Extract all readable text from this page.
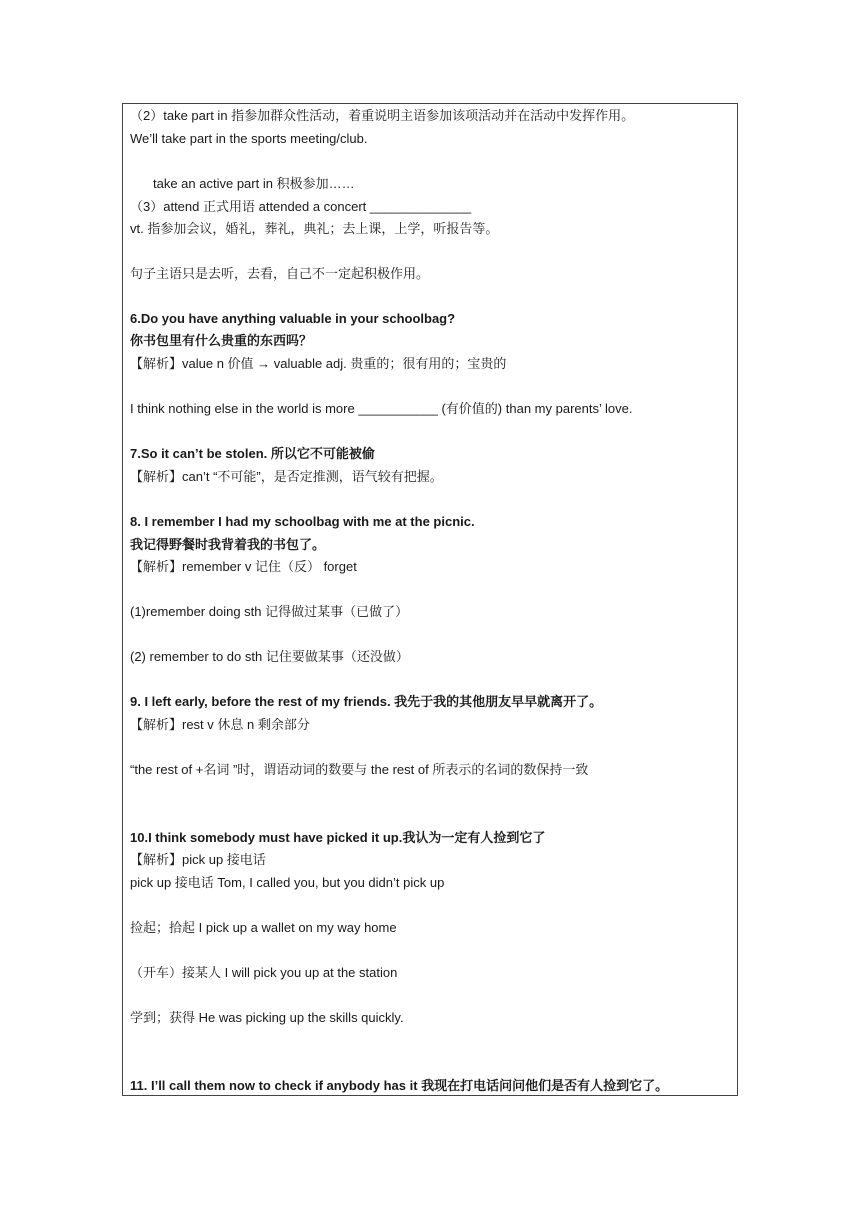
（2）take part in 指参加群众性活动，着重说明主语参加该项活动并在活动中发挥作用。
We’ll take part in the sports meeting/club.
take an active part in 积极参加……
（3）attend 正式用语 attended a concert ______________
vt. 指参加会议，婚礼，葬礼，典礼；去上课，上学，听报告等。
句子主语只是去听，去看，自己不一定起积极作用。
6.Do you have anything valuable in your schoolbag?
你书包里有什么贵重的东西吗？
【解析】value n 价值 → valuable adj. 贵重的；很有用的；宝贵的
I think nothing else in the world is more ___________ (有价值的) than my parents’ love.
7.So it can’t be stolen. 所以它不可能被偷
【解析】can’t “不可能”，是否定推测，语气较有把握。
8. I remember I had my schoolbag with me at the picnic.
我记得野餐时我背着我的书包了。
【解析】remember v 记住（反） forget
(1)remember doing sth 记得做过某事（已做了）
(2) remember to do sth 记住要做某事（还没做）
9. I left early, before the rest of my friends. 我先于我的其他朋友早早就离开了。
【解析】rest v 休息 n 剩余部分
“the rest of +名词 ”时，谓语动词的数要与 the rest of 所表示的名词的数保持一致
10.I think somebody must have picked it up.我认为一定有人捡到它了
【解析】pick up 接电话
pick up 接电话 Tom, I called you, but you didn’t pick up
捡起；拾起 I pick up a wallet on my way home
（开车）接某人 I will pick you up at the station
学到；获得 He was picking up the skills quickly.
11. I’ll call them now to check if anybody has it 我现在打电话问问他们是否有人捡到它了。
